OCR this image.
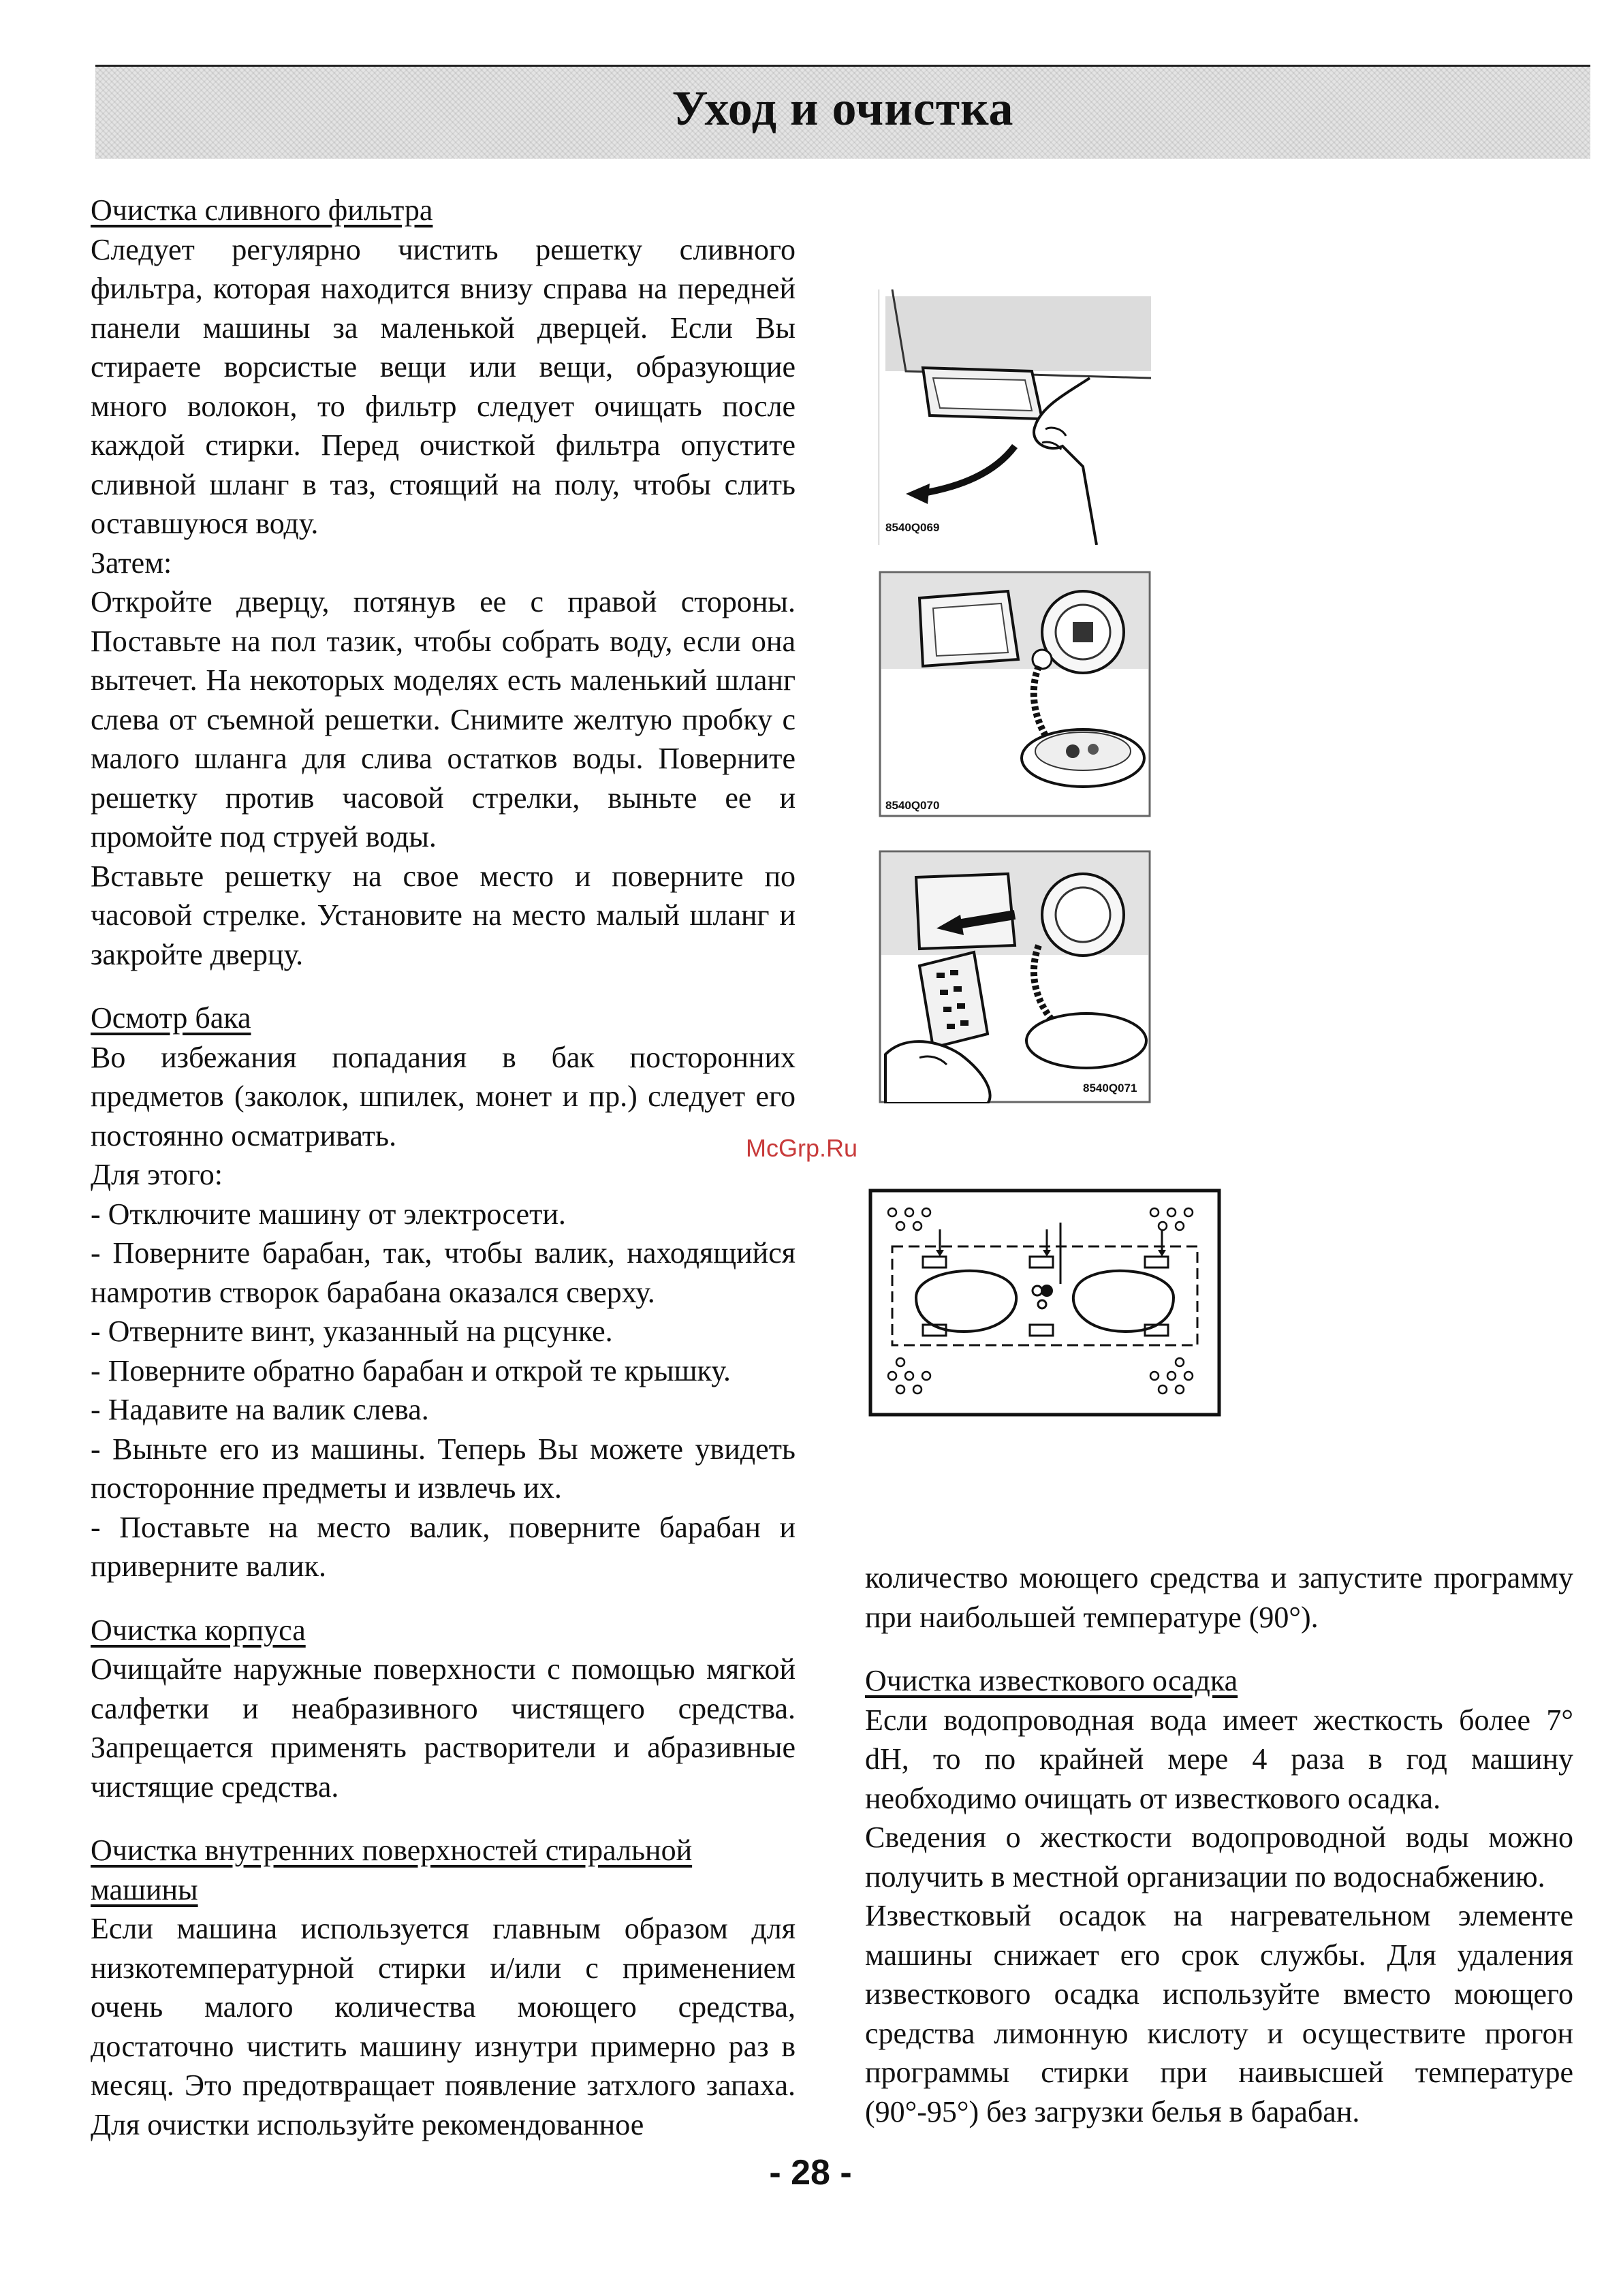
Уход и очистка
Очистка сливного фильтра

Следует регулярно чистить решетку сливного фильтра, которая находится внизу справа на передней панели машины за маленькой дверцей. Если Вы стираете ворсистые вещи или вещи, образующие много волокон, то фильтр следует очищать после каждой стирки. Перед очисткой фильтра опустите сливной шланг в таз, стоящий на полу, чтобы слить оставшуюся воду.

Затем:

Откройте дверцу, потянув ее с правой стороны. Поставьте на пол тазик, чтобы собрать воду, если она вытечет. На некоторых моделях есть маленький шланг слева от съемной решетки. Снимите желтую пробку с малого шланга для слива остатков воды. Поверните решетку против часовой стрелки, выньте ее и промойте под струей воды.

Вставьте решетку на свое место и поверните по часовой стрелке. Установите на место малый шланг и закройте дверцу.

Осмотр бака

Во избежания попадания в бак посторонних предметов (заколок, шпилек, монет и пр.) следует его постоянно осматривать.

Для этого:

- Отключите машину от электросети.

- Поверните барабан, так, чтобы валик, находящийся намротив створок барабана оказался сверху.

- Отверните винт, указанный на рцсунке.

- Поверните обратно барабан и открой те крышку.

- Надавите на валик слева.

- Выньте его из машины. Теперь Вы можете увидеть посторонние предметы и извлечь их.

- Поставьте на место валик, поверните барабан и приверните валик.

Очистка корпуса

Очищайте наружные поверхности с помощью мягкой салфетки и неабразивного чистящего средства. Запрещается применять растворители и абразивные чистящие средства.

Очистка внутренних поверхностей стиральной машины

Если машина используется главным образом для низкотемпературной стирки и/или с применением очень малого количества моющего средства, достаточно чистить машину изнутри примерно раз в месяц. Это предотвращает появление затхлого запаха. Для очистки используйте рекомендованное

количество моющего средства и запустите программу при наибольшей температуре (90°).

Очистка известкового осадка

Если водопроводная вода имеет жесткость более 7° dH, то по крайней мере 4 раза в год машину необходимо очищать от известкового осадка.

Сведения о жесткости водопроводной воды можно получить в местной организации по водоснабжению.

Известковый осадок на нагревательном элементе машины снижает его срок службы. Для удаления известкового осадка используйте вместо моющего средства лимонную кислоту и осуществите прогон программы стирки при наивысшей температуре (90°-95°) без загрузки белья в барабан.

8540Q069
8540Q070
8540Q071
McGrp.Ru
- 28 -
